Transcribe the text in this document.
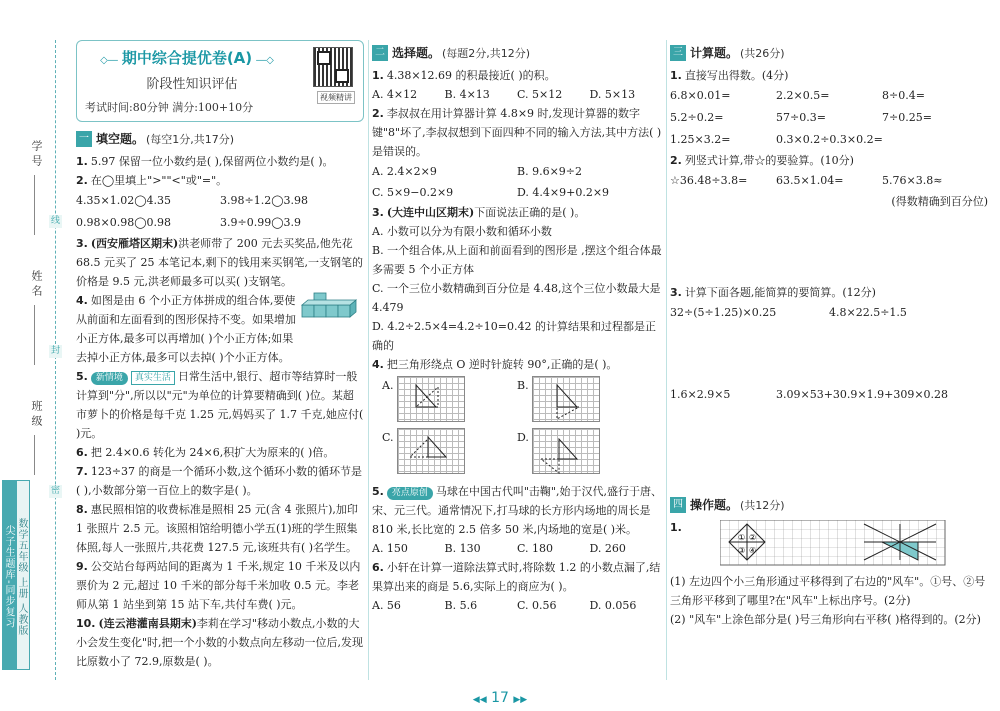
学号
姓名
班级
线
封
密
尖子生题库-同步复习 数学五年级 上册 人教版
◇― 期中综合提优卷(A) ―◇
阶段性知识评估
考试时间:80分钟 满分:100+10分
视频精讲
一 填空题。 (每空1分,共17分)
1. 5.97 保留一位小数约是( ),保留两位小数约是( )。
2. 在◯里填上">""<"或"="。
4.35×1.02◯4.35	3.98÷1.2◯3.98
0.98×0.98◯0.98	3.9÷0.99◯3.9
3. (西安雁塔区期末)洪老师带了 200 元去买奖品,他先花 68.5 元买了 25 本笔记本,剩下的钱用来买钢笔,一支钢笔的价格是 9.5 元,洪老师最多可以买( )支钢笔。
4. 如图是由 6 个小正方体拼成的组合体,要使从前面和左面看到的图形保持不变。如果增加小正方体,最多可以再增加( )个小正方体;如果去掉小正方体,最多可以去掉( )个小正方体。
5. 新情境 真实生活 日常生活中,银行、超市等结算时一般计算到"分",所以以"元"为单位的计算要精确到( )位。某超市萝卜的价格是每千克 1.25 元,妈妈买了 1.7 千克,她应付( )元。
6. 把 2.4×0.6 转化为 24×6,积扩大为原来的( )倍。
7. 123÷37 的商是一个循环小数,这个循环小数的循环节是( ),小数部分第一百位上的数字是( )。
8. 惠民照相馆的收费标准是照相 25 元(含 4 张照片),加印 1 张照片 2.5 元。该照相馆给明德小学五(1)班的学生照集体照,每人一张照片,共花费 127.5 元,该班共有( )名学生。
9. 公交站台每两站间的距离为 1 千米,规定 10 千米及以内票价为 2 元,超过 10 千米的部分每千米加收 0.5 元。李老师从第 1 站坐到第 15 站下车,共付车费( )元。
10. (连云港灌南县期末)李莉在学习"移动小数点,小数的大小会发生变化"时,把一个小数的小数点向左移动一位后,发现比原数小了 72.9,原数是( )。
二 选择题。 (每题2分,共12分)
1. 4.38×12.69 的积最接近( )的积。
A. 4×12	B. 4×13	C. 5×12	D. 5×13
2. 李叔叔在用计算器计算 4.8×9 时,发现计算器的数字键"8"坏了,李叔叔想到下面四种不同的输入方法,其中方法( )是错误的。
A. 2.4×2×9	B. 9.6×9÷2
C. 5×9−0.2×9	D. 4.4×9+0.2×9
3. (大连中山区期末)下面说法正确的是( )。
A. 小数可以分为有限小数和循环小数
B. 一个组合体,从上面和前面看到的图形是 ,摆这个组合体最多需要 5 个小正方体
C. 一个三位小数精确到百分位是 4.48,这个三位小数最大是 4.479
D. 4.2÷2.5×4=4.2÷10=0.42 的计算结果和过程都是正确的
4. 把三角形绕点 O 逆时针旋转 90°,正确的是( )。
A.	B.
C.	D.
5. 亮点原创 马球在中国古代叫"击鞠",始于汉代,盛行于唐、宋、元三代。通常情况下,打马球的长方形内场地的周长是 810 米,长比宽的 2.5 倍多 50 米,内场地的宽是( )米。
A. 150	B. 130	C. 180	D. 260
6. 小轩在计算一道除法算式时,将除数 1.2 的小数点漏了,结果算出来的商是 5.6,实际上的商应为( )。
A. 56	B. 5.6	C. 0.56	D. 0.056
三 计算题。 (共26分)
1. 直接写出得数。(4分)
6.8×0.01=	2.2×0.5=	8÷0.4=
5.2÷0.2=	57÷0.3=	7÷0.25=
1.25×3.2=	0.3×0.2÷0.3×0.2=
2. 列竖式计算,带☆的要验算。(10分)
☆36.48÷3.8=	63.5×1.04=	5.76×3.8≈
(得数精确到百分位)
3. 计算下面各题,能简算的要简算。(12分)
32÷(5÷1.25)×0.25	4.8×22.5÷1.5
1.6×2.9×5	3.09×53+30.9×1.9+309×0.28
四 操作题。 (共12分)
1.
① ②
③ ④
(1) 左边四个小三角形通过平移得到了右边的"风车"。①号、②号三角形平移到了哪里?在"风车"上标出序号。(2分)
(2) "风车"上涂色部分是( )号三角形向右平移( )格得到的。(2分)
◀◀ 17 ▶▶
